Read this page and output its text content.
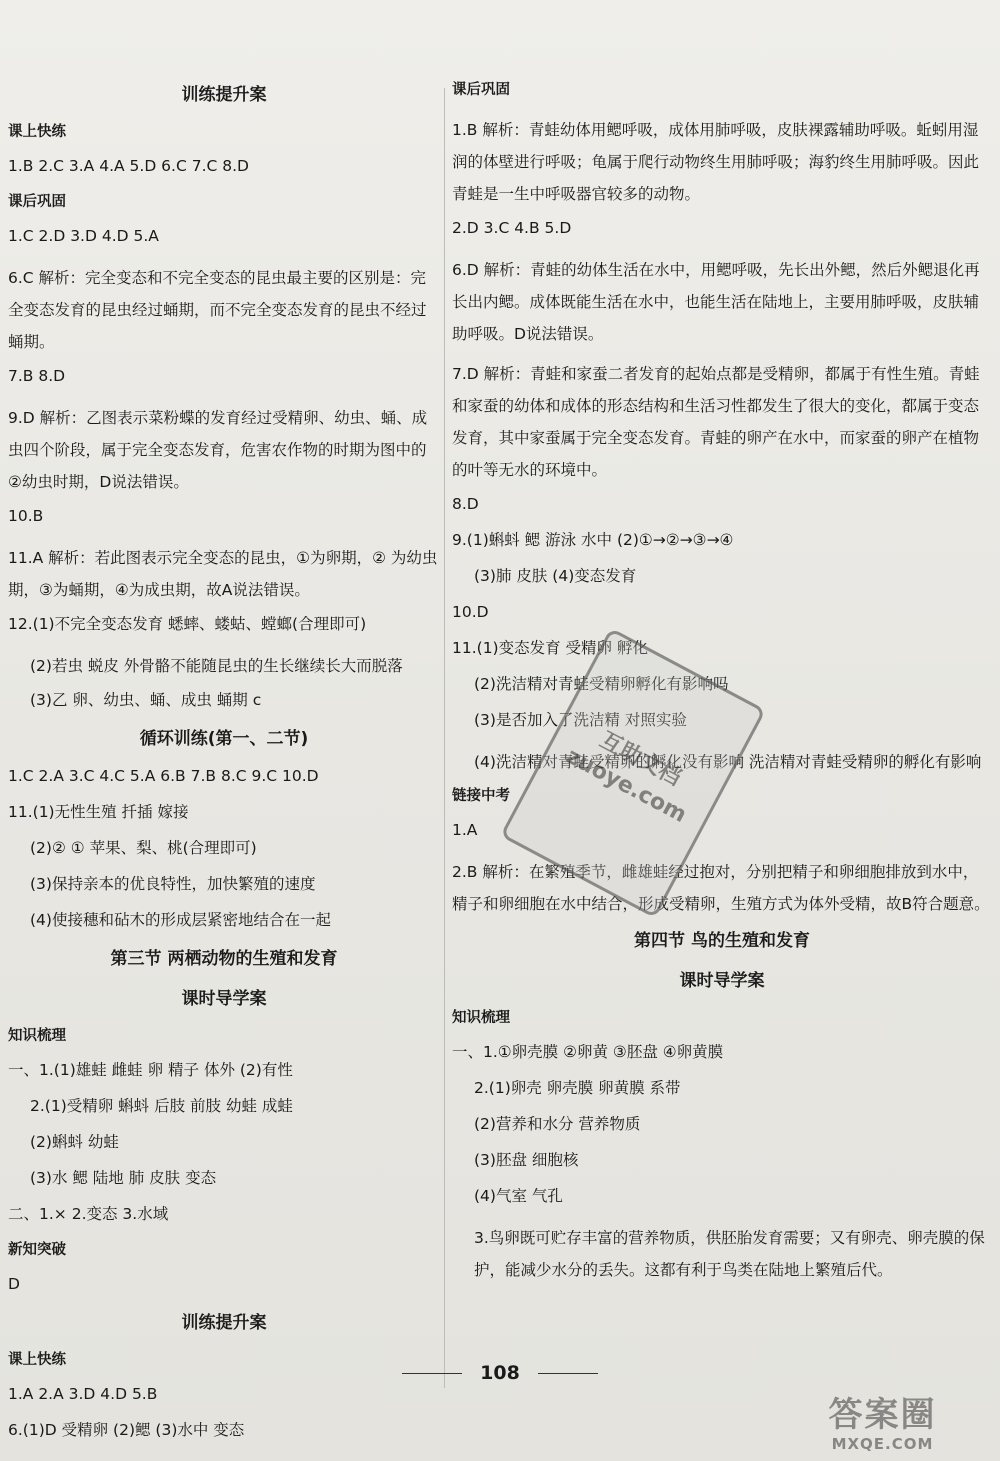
训练提升案
课上快练
1.B 2.C 3.A 4.A 5.D 6.C 7.C 8.D
课后巩固
1.C 2.D 3.D 4.D 5.A
6.C 解析：完全变态和不完全变态的昆虫最主要的区别是：完全变态发育的昆虫经过蛹期，而不完全变态发育的昆虫不经过蛹期。
7.B 8.D
9.D 解析：乙图表示菜粉蝶的发育经过受精卵、幼虫、蛹、成虫四个阶段，属于完全变态发育，危害农作物的时期为图中的②幼虫时期，D说法错误。
10.B
11.A 解析：若此图表示完全变态的昆虫，①为卵期，② 为幼虫期，③为蛹期，④为成虫期，故A说法错误。
12.(1)不完全变态发育 蟋蟀、蝼蛄、螳螂(合理即可)
(2)若虫 蜕皮 外骨骼不能随昆虫的生长继续长大而脱落
(3)乙 卵、幼虫、蛹、成虫 蛹期 c
循环训练(第一、二节)
1.C 2.A 3.C 4.C 5.A 6.B 7.B 8.C 9.C 10.D
11.(1)无性生殖 扦插 嫁接
(2)② ① 苹果、梨、桃(合理即可)
(3)保持亲本的优良特性，加快繁殖的速度
(4)使接穗和砧木的形成层紧密地结合在一起
第三节 两栖动物的生殖和发育
课时导学案
知识梳理
一、1.(1)雄蛙 雌蛙 卵 精子 体外 (2)有性
2.(1)受精卵 蝌蚪 后肢 前肢 幼蛙 成蛙
(2)蝌蚪 幼蛙
(3)水 鳃 陆地 肺 皮肤 变态
二、1.× 2.变态 3.水域
新知突破
D
训练提升案
课上快练
1.A 2.A 3.D 4.D 5.B
6.(1)D 受精卵 (2)鳃 (3)水中 变态
课后巩固
1.B 解析：青蛙幼体用鳃呼吸，成体用肺呼吸，皮肤裸露辅助呼吸。蚯蚓用湿润的体壁进行呼吸；龟属于爬行动物终生用肺呼吸；海豹终生用肺呼吸。因此青蛙是一生中呼吸器官较多的动物。
2.D 3.C 4.B 5.D
6.D 解析：青蛙的幼体生活在水中，用鳃呼吸，先长出外鳃，然后外鳃退化再长出内鳃。成体既能生活在水中，也能生活在陆地上，主要用肺呼吸，皮肤辅助呼吸。D说法错误。
7.D 解析：青蛙和家蚕二者发育的起始点都是受精卵，都属于有性生殖。青蛙和家蚕的幼体和成体的形态结构和生活习性都发生了很大的变化，都属于变态发育，其中家蚕属于完全变态发育。青蛙的卵产在水中，而家蚕的卵产在植物的叶等无水的环境中。
8.D
9.(1)蝌蚪 鳃 游泳 水中 (2)①→②→③→④
(3)肺 皮肤 (4)变态发育
10.D
11.(1)变态发育 受精卵 孵化
(2)洗洁精对青蛙受精卵孵化有影响吗
(3)是否加入了洗洁精 对照实验
(4)洗洁精对青蛙受精卵的孵化没有影响 洗洁精对青蛙受精卵的孵化有影响
链接中考
1.A
2.B 解析：在繁殖季节，雌雄蛙经过抱对，分别把精子和卵细胞排放到水中，精子和卵细胞在水中结合，形成受精卵，生殖方式为体外受精，故B符合题意。
第四节 鸟的生殖和发育
课时导学案
知识梳理
一、1.①卵壳膜 ②卵黄 ③胚盘 ④卵黄膜
2.(1)卵壳 卵壳膜 卵黄膜 系带
(2)营养和水分 营养物质
(3)胚盘 细胞核
(4)气室 气孔
3.鸟卵既可贮存丰富的营养物质，供胚胎发育需要；又有卵壳、卵壳膜的保护，能减少水分的丢失。这都有利于鸟类在陆地上繁殖后代。
互助文档 zuoye.com
108
答案圈
MXQE.COM
